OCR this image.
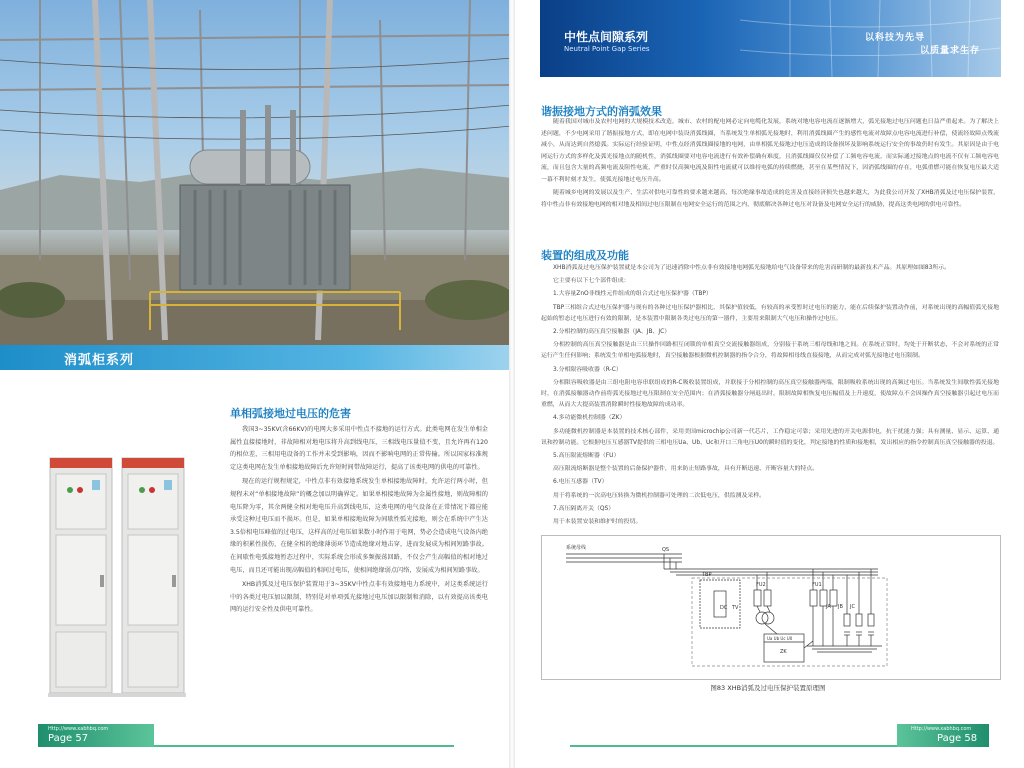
消弧柜系列
单相弧接地过电压的危害

我国3~35KV(含66KV)的电网大多采用中性点不接地的运行方式。此类电网在发生单相金属性直接接地时，非故障相对地电压将升高到线电压，三相线电压量值不变，且允许再有120 的相位差，三相用电设备的工作并未受到影响，因而不影响电网的正常传输。所以国家标准规定这类电网在发生单相接地故障后允许短时间带故障运行，提高了该类电网的供电的可靠性。

现在的运行规程规定，中性点非有效接地系统发生单相接地故障时，允许运行两小时，但规程未对“单相接地故障”的概念加以明确界定。如果单相接地故障为金属性接地，则故障相的电压降为零，其余两健全相对地电压升高到线电压，这类电网的电气设备在正常情况下都应能承受这种过电压而不损坏。但是，如果单相接地故障为间歇性弧光接地，则会在系统中产生达3.5倍相电压峰值的过电压，这样高的过电压如果数小时作用于电网，势必会造成电气设备内绝缘的积累性损伤，在健全相的绝缘薄弱环节造成绝缘对地击穿，进而发展成为相间短路事故。在间歇性电弧接地暂态过程中，实际系统会形成多频振荡回路，不仅会产生高幅值的相对地过电压，而且还可能出现高幅值的相间过电压，使相间绝缘弱点闪络，发展成为相间短路事故。

XHB消弧及过电压保护装置用于3~35KV中性点非有效接地电力系统中，对这类系统运行中的各类过电压加以限制，特别是对单项弧光接地过电压加以限制和消除，以有效提高该类电网的运行安全性及供电可靠性。

Http://www.xabhbq.com
Page 57
中性点间隙系列
Neutral Point Gap Series
以科技为先导
以质量求生存
谐振接地方式的消弧效果

随着我国对城市及农村电网的大规模技术改造，城市、农村的配电网必定向电缆化发展，系统对地电容电流在逐渐增大，弧光接地过电压问题也日益严重起来。为了解决上述问题，不少电网采用了谐振接地方式，即在电网中装设消弧线圈，当系统发生单相弧光接地时，利用消弧线圈产生的感性电流对故障点电容电流进行补偿，使流经故障点残流减小，从而达到自然熄弧。实际运行经验证明，中性点经消弧线圈接地的电网，由单相弧光接地过电压造成的设备损坏及影响系统运行安全的事故仍时有发生。其原因是由于电网运行方式的多样化及弧光接地点的随机性，消弧线圈要对电容电流进行有效补偿确有难度，且消弧线圈仅仅补偿了工频电容电流，而实际通过接地点的电流不仅有工频电容电流，而且包含大量的高频电流及阻性电流，严重时仅高频电流及阻性电流就可以维持电弧的持续燃烧，甚至在某些情况下，因消弧线圈的存在，电弧重燃可能在恢复电压最大适一幕不利时刻才发生，使弧光接地过电压升高。

随着城乡电网的发展以及生产、生活对供电可靠性的要求越来越高，每次绝缘事故造成的危害及直接经济损失也越来越大，为此我公司开发了XHB消弧及过电压保护装置，将中性点非有效接地电网的相对地及相间过电压限制在电网安全运行的范围之内，彻底解决各种过电压对设备及电网安全运行的威胁，提高这类电网的供电可靠性。

装置的组成及功能

XHB消弧及过电压保护装置就是本公司为了迅速消除中性点非有效接地电网弧光接地给电气设备带来的危害而研制的最新技术产品。其原理如图83所示。

它主要有以下七个部件组成：

1.大容量ZnO非线性元件组成的组合式过电压保护器（TBP）

TBP三相组合式过电压保护器与现有的各种过电压保护器相比，其保护值较低，有较高的承受暂时过电压的能力，能在后续保护装置动作前，对系统出现的高幅值弧光接地起始的暂态过电压进行有效的限制，是本装置中限制各类过电压的第一器件，主要用来限制大气电压和操作过电压。

2.分相控制的高压真空接触器（JA、JB、JC）

分相控制的高压真空接触器是由三只操作回路相互闭锁的单相真空交流接触器组成，分别接于系统三相母线和地之间。在系统正常时，均处于开断状态，不会对系统的正常运行产生任何影响；系统发生单相电弧接地时，真空接触器根据微机控制器的指令合分，将故障相母线直接接地，从而完成对弧光接地过电压限制。

3.分相限容吸收器（R-C）

分相限容吸收器是由三组电阻电容串联组成的R-C吸收装置组成，并联接于分相控制的高压真空接触器两端，限制吸收系统出现的高频过电压。当系统发生间歇性弧光接地时，在消弧接触器动作前将弧光接地过电压限制在安全范围内；在消弧接触器分闸退出时，限制故障相恢复电压幅值及上升速度，使故障点不会因操作真空接触器引起过电压而重燃，从而大大提高装置消除瞬时性接地故障的成功率。

4.多功能微机控制器（ZK）

多功能微机控制器是本装置的技术核心部件，采用美国microchip公司新一代芯片，工作稳定可靠；采用先进的开关电源供电，抗干扰能力强；具有测量、显示、运算、通讯和控制功能。它根据电压互感器TV提供的三相电压Ua、Ub、Uc和开口三角电压U0的瞬时值的变化，判定接地的性质和接地相，发出相应的指令控制真压真空接触器的投退。

5.高压限流熔断器（FU）

高压限流熔断器是整个装置的后备保护器件，用来防止短路事故，具有开断迅速、开断容量大的特点。

6.电压互感器（TV）

用于将系统的一次高电压转换为微机控制器可处理的二次低电压，供监测及采样。

7.高压隔离开关（QS）

用于本装置安装和维护时的投切。

系统母线	QS
TBP
FU2	FU1
DC TV	JA JB JC
Ua Ub Uc U0
ZK
图83 XHB消弧及过电压保护装置原理图
Http://www.xabhbq.com
Page 58
